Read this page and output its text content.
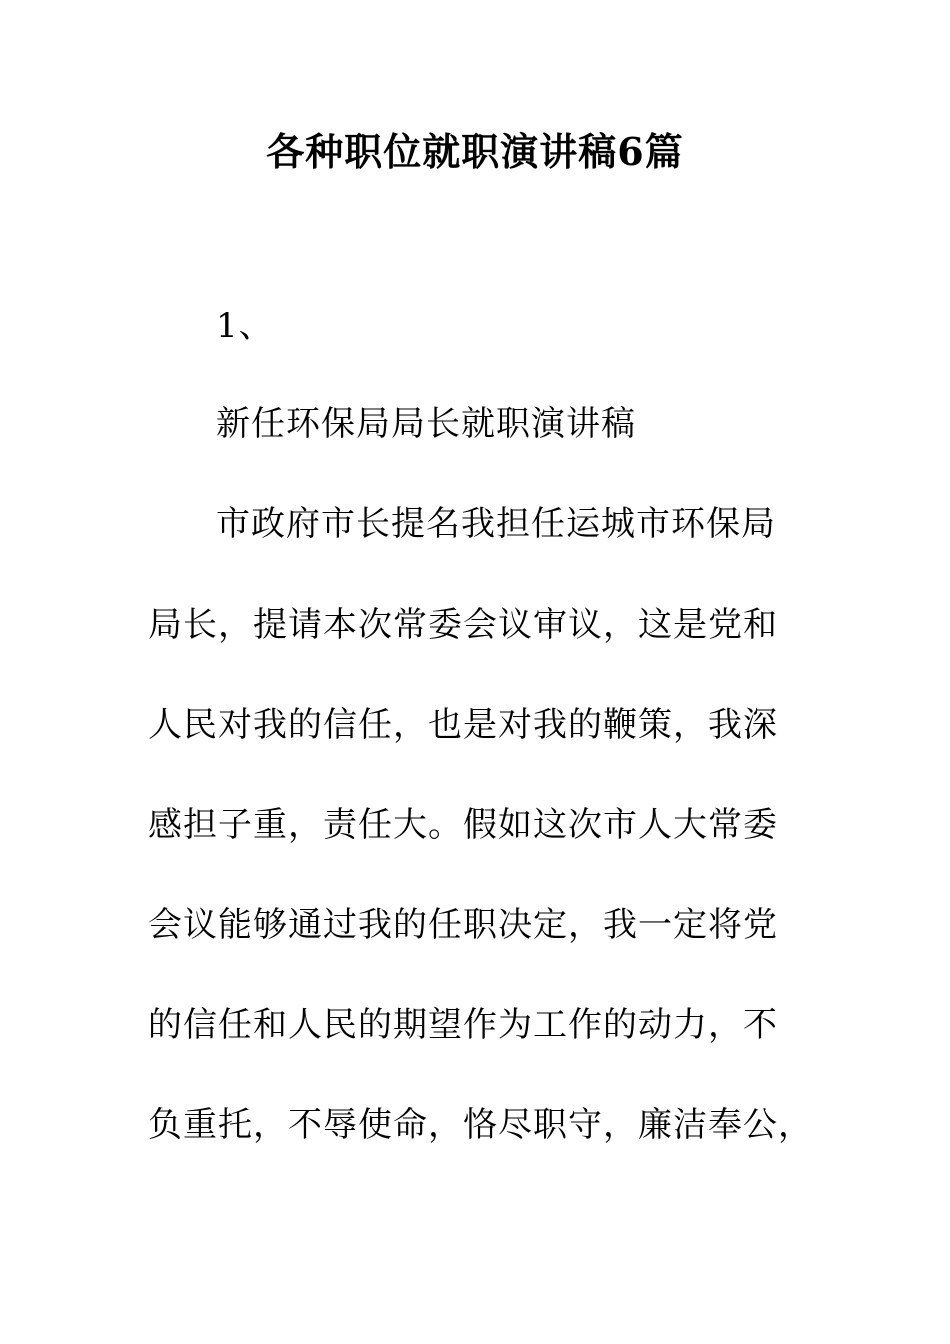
各种职位就职演讲稿6篇
1、
新任环保局局长就职演讲稿
市政府市长提名我担任运城市环保局
局长，提请本次常委会议审议，这是党和
人民对我的信任，也是对我的鞭策，我深
感担子重，责任大。假如这次市人大常委
会议能够通过我的任职决定，我一定将党
的信任和人民的期望作为工作的动力，不
负重托，不辱使命，恪尽职守，廉洁奉公，
